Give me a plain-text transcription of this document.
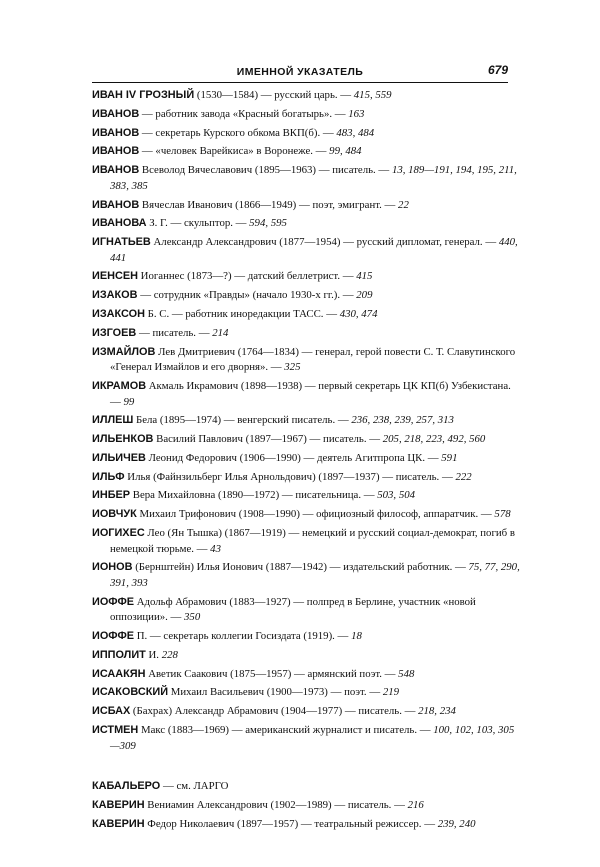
ИМЕННОЙ УКАЗАТЕЛЬ	679
ИВАН IV ГРОЗНЫЙ (1530—1584) — русский царь. — 415, 559
ИВАНОВ — работник завода «Красный богатырь». — 163
ИВАНОВ — секретарь Курского обкома ВКП(б). — 483, 484
ИВАНОВ — «человек Варейкиса» в Воронеже. — 99, 484
ИВАНОВ Всеволод Вячеславович (1895—1963) — писатель. — 13, 189—191, 194, 195, 211, 383, 385
ИВАНОВ Вячеслав Иванович (1866—1949) — поэт, эмигрант. — 22
ИВАНОВА З. Г. — скульптор. — 594, 595
ИГНАТЬЕВ Александр Александрович (1877—1954) — русский дипломат, генерал. — 440, 441
ИЕНСЕН Иоганнес (1873—?) — датский беллетрист. — 415
ИЗАКОВ — сотрудник «Правды» (начало 1930-х гг.). — 209
ИЗАКСОН Б. С. — работник иноредакции ТАСС. — 430, 474
ИЗГОЕВ — писатель. — 214
ИЗМАЙЛОВ Лев Дмитриевич (1764—1834) — генерал, герой повести С. Т. Славутинского «Генерал Измайлов и его дворня». — 325
ИКРАМОВ Акмаль Икрамович (1898—1938) — первый секретарь ЦК КП(б) Узбекистана. — 99
ИЛЛЕШ Бела (1895—1974) — венгерский писатель. — 236, 238, 239, 257, 313
ИЛЬЕНКОВ Василий Павлович (1897—1967) — писатель. — 205, 218, 223, 492, 560
ИЛЬИЧЕВ Леонид Федорович (1906—1990) — деятель Агитпропа ЦК. — 591
ИЛЬФ Илья (Файнзильберг Илья Арнольдович) (1897—1937) — писатель. — 222
ИНБЕР Вера Михайловна (1890—1972) — писательница. — 503, 504
ИОВЧУК Михаил Трифонович (1908—1990) — официозный философ, аппаратчик. — 578
ИОГИХЕС Лео (Ян Тышка) (1867—1919) — немецкий и русский социал-демократ, погиб в немецкой тюрьме. — 43
ИОНОВ (Бернштейн) Илья Ионович (1887—1942) — издательский работник. — 75, 77, 290, 391, 393
ИОФФЕ Адольф Абрамович (1883—1927) — полпред в Берлине, участник «новой оппозиции». — 350
ИОФФЕ П. — секретарь коллегии Госиздата (1919). — 18
ИППОЛИТ И. 228
ИСААКЯН Аветик Саакович (1875—1957) — армянский поэт. — 548
ИСАКОВСКИЙ Михаил Васильевич (1900—1973) — поэт. — 219
ИСБАХ (Бахрах) Александр Абрамович (1904—1977) — писатель. — 218, 234
ИСТМЕН Макс (1883—1969) — американский журналист и писатель. — 100, 102, 103, 305—309
КАБАЛЬЕРО — см. ЛАРГО
КАВЕРИН Вениамин Александрович (1902—1989) — писатель. — 216
КАВЕРИН Федор Николаевич (1897—1957) — театральный режиссер. — 239, 240
